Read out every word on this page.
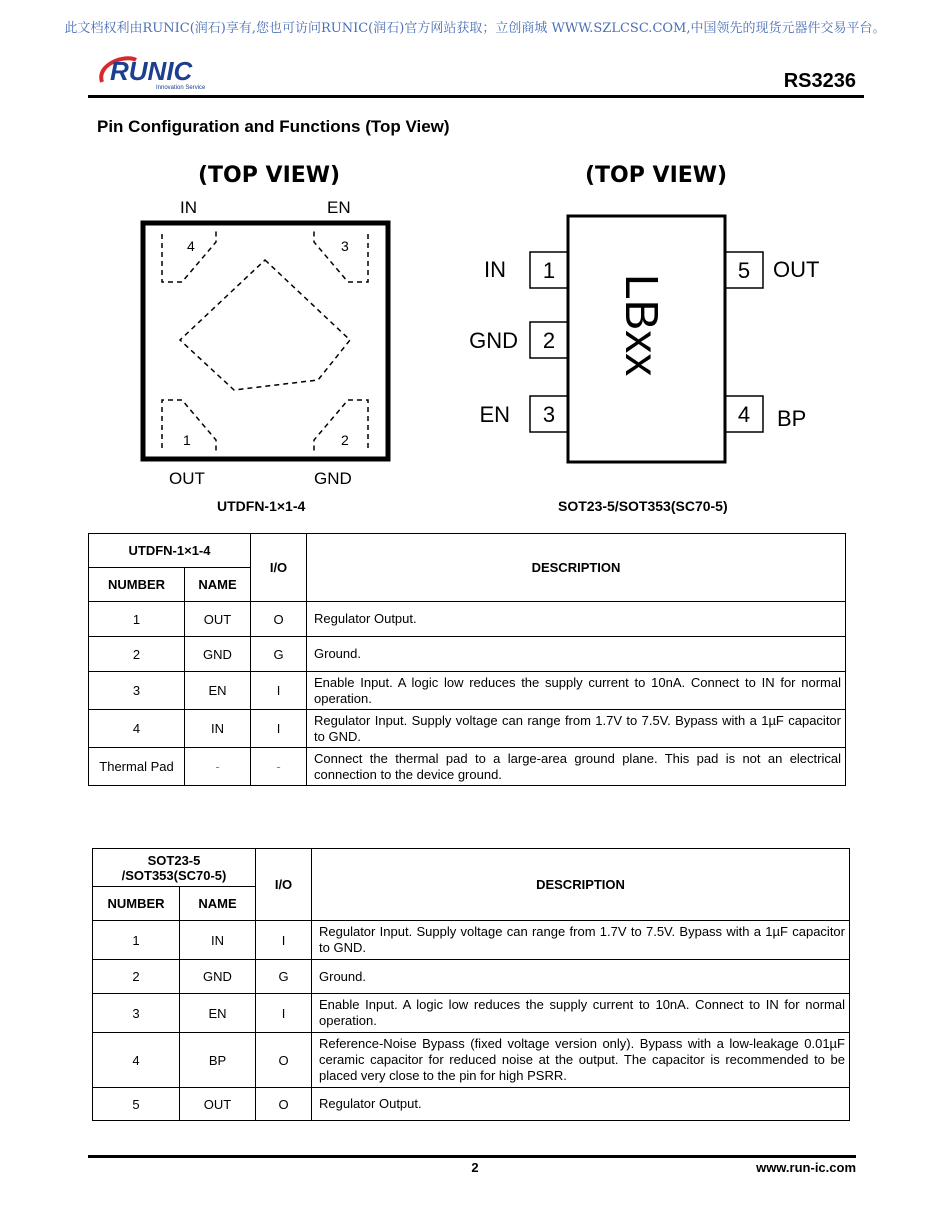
此文档权利由RUNIC(润石)享有,您也可访问RUNIC(润石)官方网站获取；立创商城 WWW.SZLCSC.COM,中国领先的现货元器件交易平台。
RUNIC
Innovation Service	RS3236
Pin Configuration and Functions (Top View)
(TOP VIEW)
IN	EN
OUT	GND
4	3
1	2
UTDFN-1×1-4
(TOP VIEW)
LBxx
1
2
3	4
5
IN
GND
EN	BP
OUT
SOT23-5/SOT353(SC70-5)
UTDFN-1×1-4		I/O	DESCRIPTION
NUMBER	NAME		
1	OUT	O	Regulator Output.
2	GND	G	Ground.
3	EN	I	Enable Input. A logic low reduces the supply current to 10nA. Connect to IN for normal operation.
4	IN	I	Regulator Input. Supply voltage can range from 1.7V to 7.5V. Bypass with a 1µF capacitor to GND.
Thermal Pad	-	-	Connect the thermal pad to a large-area ground plane. This pad is not an electrical connection to the device ground.
SOT23-5
/SOT353(SC70-5)		I/O	DESCRIPTION
NUMBER	NAME		
1	IN	I	Regulator Input. Supply voltage can range from 1.7V to 7.5V. Bypass with a 1µF capacitor to GND.
2	GND	G	Ground.
3	EN	I	Enable Input. A logic low reduces the supply current to 10nA. Connect to IN for normal operation.
4	BP	O	Reference-Noise Bypass (fixed voltage version only). Bypass with a low-leakage 0.01µF ceramic capacitor for reduced noise at the output. The capacitor is recommended to be placed very close to the pin for high PSRR.
5	OUT	O	Regulator Output.
2	www.run-ic.com
